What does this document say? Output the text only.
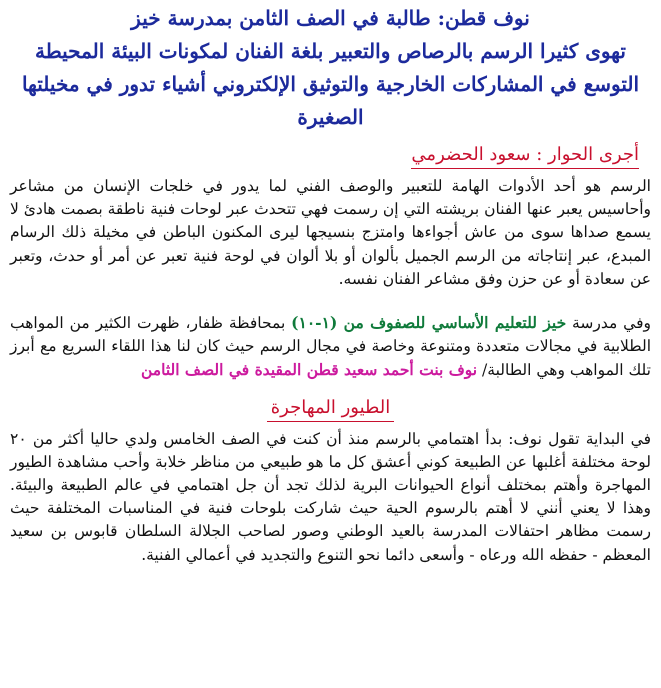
نوف قطن: طالبة في الصف الثامن بمدرسة خيز

تهوى كثيرا الرسم بالرصاص والتعبير بلغة الفنان لمكونات البيئة المحيطة

التوسع في المشاركات الخارجية والتوثيق الإلكتروني أشياء تدور في مخيلتها الصغيرة

أجرى الحوار : سعود الحضرمي

الرسم هو أحد الأدوات الهامة للتعبير والوصف الفني لما يدور في خلجات الإنسان من مشاعر وأحاسيس يعبر عنها الفنان بريشته التي إن رسمت فهي تتحدث عبر لوحات فنية ناطقة بصمت هادئ لا يسمع صداها سوى من عاش أجواءها وامتزج بنسيجها ليرى المكنون الباطن في مخيلة ذلك الرسام المبدع، عبر إنتاجاته من الرسم الجميل بألوان أو بلا ألوان في لوحة فنية تعبر عن أمر أو حدث، وتعبر عن سعادة أو عن حزن وفق مشاعر الفنان نفسه.

وفي مدرسة خيز للتعليم الأساسي للصفوف من (١-١٠) بمحافظة ظفار، ظهرت الكثير من المواهب الطلابية في مجالات متعددة ومتنوعة وخاصة في مجال الرسم حيث كان لنا هذا اللقاء السريع مع أبرز تلك المواهب وهي الطالبة/ نوف بنت أحمد سعيد قطن المقيدة في الصف الثامن

الطيور المهاجرة

في البداية تقول نوف: بدأ اهتمامي بالرسم منذ أن كنت في الصف الخامس ولدي حاليا أكثر من ٢٠ لوحة مختلفة أغلبها عن الطبيعة كوني أعشق كل ما هو طبيعي من مناظر خلابة وأحب مشاهدة الطيور المهاجرة وأهتم بمختلف أنواع الحيوانات البرية لذلك تجد أن جل اهتمامي في عالم الطبيعة والبيئة. وهذا لا يعني أنني لا أهتم بالرسوم الحية حيث شاركت بلوحات فنية في المناسبات المختلفة حيث رسمت مظاهر احتفالات المدرسة بالعيد الوطني وصور لصاحب الجلالة السلطان قابوس بن سعيد المعظم - حفظه الله ورعاه - وأسعى دائما نحو التنوع والتجديد في أعمالي الفنية.
